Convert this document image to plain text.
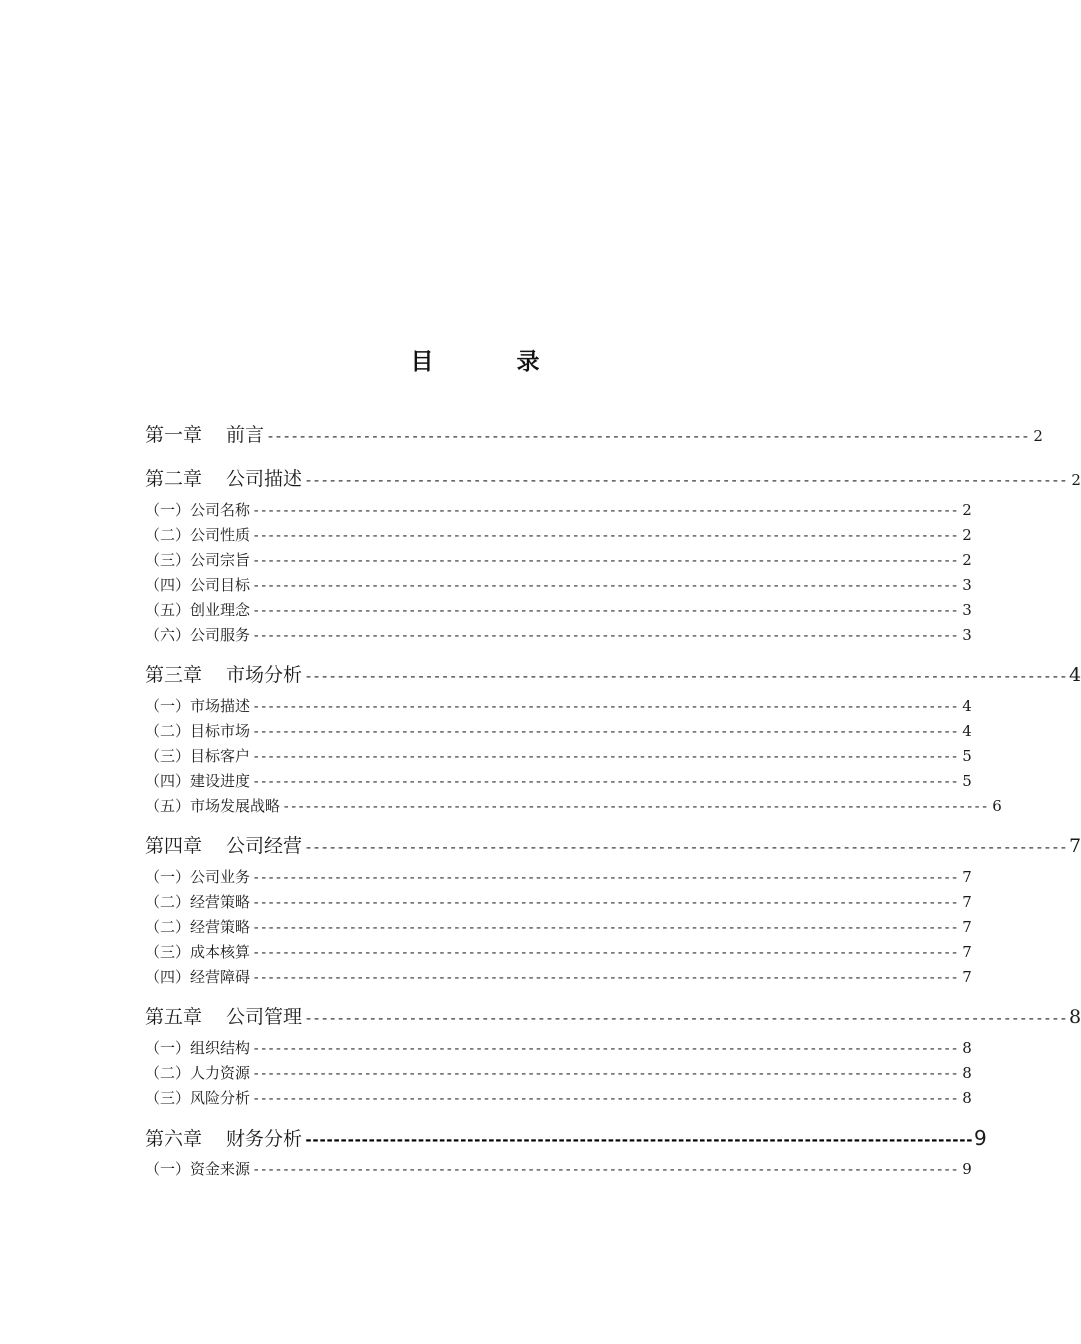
目　录
第一章 前言 ----------------------------------------------------------------------------------------------- 2
第二章 公司描述 ----------------------------------------------------------------------------------------------- 2
（一）公司名称 ----------------------------------------------------------------------------------------------- 2
（二）公司性质 ----------------------------------------------------------------------------------------------- 2
（三）公司宗旨 ----------------------------------------------------------------------------------------------- 2
（四）公司目标 ----------------------------------------------------------------------------------------------- 3
（五）创业理念 ----------------------------------------------------------------------------------------------- 3
（六）公司服务 ----------------------------------------------------------------------------------------------- 3
第三章 市场分析 ----------------------------------------------------------------------------------------------- 4
（一）市场描述 ----------------------------------------------------------------------------------------------- 4
（二）目标市场 ----------------------------------------------------------------------------------------------- 4
（三）目标客户 ----------------------------------------------------------------------------------------------- 5
（四）建设进度 ----------------------------------------------------------------------------------------------- 5
（五）市场发展战略 ----------------------------------------------------------------------------------------------- 6
第四章 公司经营 ----------------------------------------------------------------------------------------------- 7
（一）公司业务 ----------------------------------------------------------------------------------------------- 7
（二）经营策略 ----------------------------------------------------------------------------------------------- 7
（二）经营策略 ----------------------------------------------------------------------------------------------- 7
（三）成本核算 ----------------------------------------------------------------------------------------------- 7
（四）经营障碍 ----------------------------------------------------------------------------------------------- 7
第五章 公司管理 ----------------------------------------------------------------------------------------------- 8
（一）组织结构 ----------------------------------------------------------------------------------------------- 8
（二）人力资源 ----------------------------------------------------------------------------------------------- 8
（三）风险分析 ----------------------------------------------------------------------------------------------- 8
第六章 财务分析 ----------------------------------------------------------------------------------------------- 9
（一）资金来源 ----------------------------------------------------------------------------------------------- 9
